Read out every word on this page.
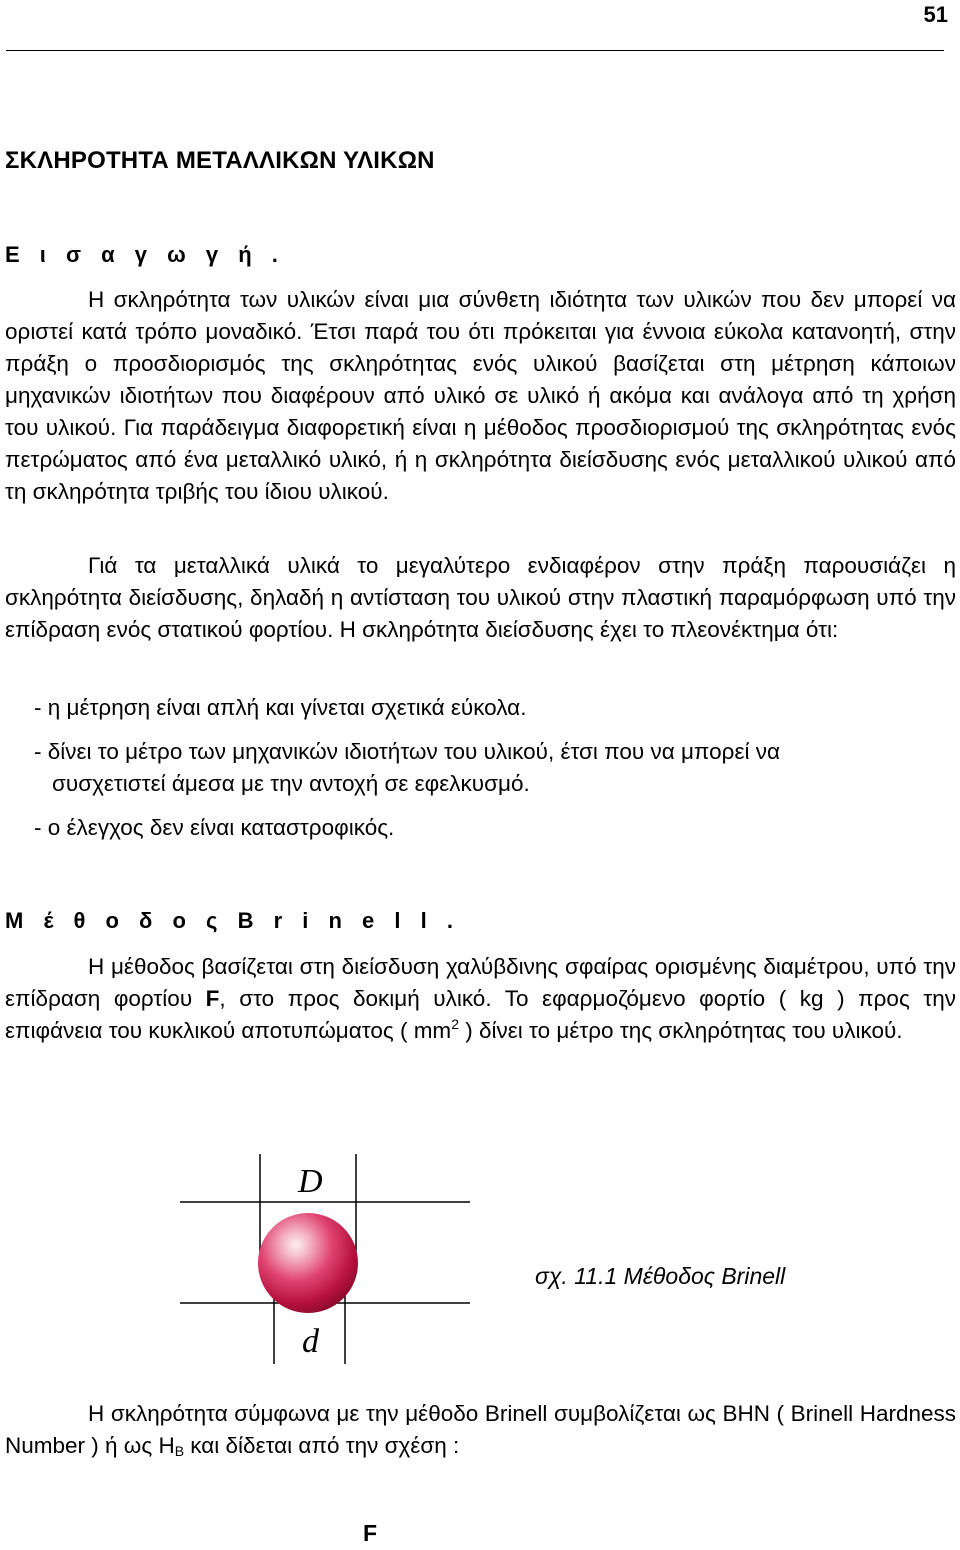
51
ΣΚΛΗΡΟΤΗΤΑ ΜΕΤΑΛΛΙΚΩΝ ΥΛΙΚΩΝ
Ε ι σ α γ ω γ ή .
Η σκληρότητα των υλικών είναι μια σύνθετη ιδιότητα των υλικών που δεν μπορεί να οριστεί κατά τρόπο μοναδικό. Έτσι παρά του ότι πρόκειται για έννοια εύκολα κατανοητή, στην πράξη ο προσδιορισμός της σκληρότητας ενός υλικού βασίζεται στη μέτρηση κάποιων μηχανικών ιδιοτήτων που διαφέρουν από υλικό σε υλικό ή ακόμα και ανάλογα από τη χρήση του υλικού. Για παράδειγμα διαφορετική είναι η μέθοδος προσδιορισμού της σκληρότητας ενός πετρώματος από ένα μεταλλικό υλικό, ή η σκληρότητα διείσδυσης ενός μεταλλικού υλικού από τη σκληρότητα τριβής του ίδιου υλικού.
Γιά τα μεταλλικά υλικά το μεγαλύτερο ενδιαφέρον στην πράξη παρουσιάζει η σκληρότητα διείσδυσης, δηλαδή η αντίσταση του υλικού στην πλαστική παραμόρφωση υπό την επίδραση ενός στατικού φορτίου. Η σκληρότητα διείσδυσης έχει το πλεονέκτημα ότι:
- η μέτρηση είναι απλή και γίνεται σχετικά εύκολα.
- δίνει το μέτρο των μηχανικών ιδιοτήτων του υλικού, έτσι που να μπορεί να
συσχετιστεί άμεσα με την αντοχή σε εφελκυσμό.
- ο έλεγχος δεν είναι καταστροφικός.
Μ έ θ ο δ ο ς B r i n e l l .
Η μέθοδος βασίζεται στη διείσδυση χαλύβδινης σφαίρας ορισμένης διαμέτρου, υπό την επίδραση φορτίου F, στο προς δοκιμή υλικό. Το εφαρμοζόμενο φορτίο ( kg ) προς την επιφάνεια του κυκλικού αποτυπώματος ( $mm^2$ ) δίνει το μέτρο της σκληρότητας του υλικού.
D
d
σχ. 11.1 Μέθοδος Brinell
Η σκληρότητα σύμφωνα με την μέθοδο Brinell συμβολίζεται ως BHN ( Brinell Hardness Number ) ή ως $H_B$ και δίδεται από την σχέση :
F
